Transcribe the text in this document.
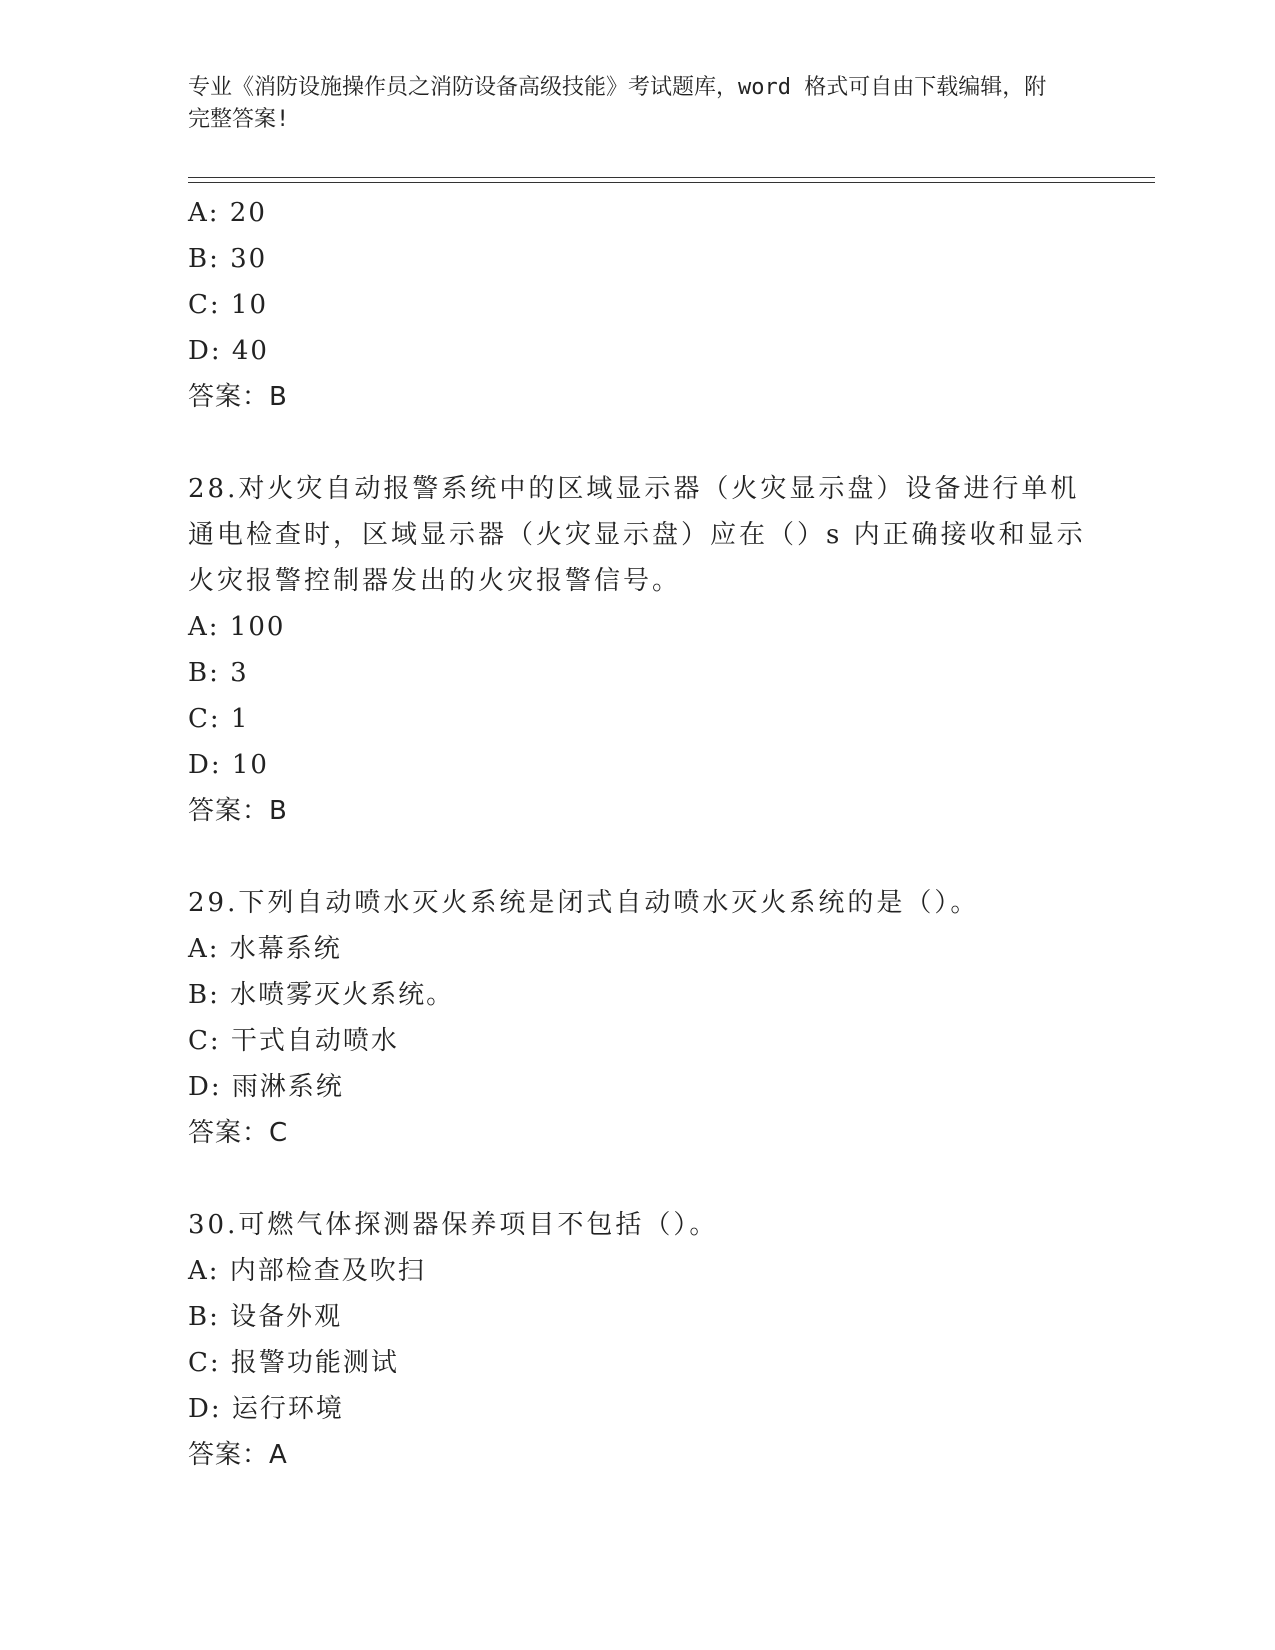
专业《消防设施操作员之消防设备高级技能》考试题库，word 格式可自由下载编辑，附完整答案!
A: 20
B: 30
C: 10
D: 40
答案：B
28.对火灾自动报警系统中的区域显示器（火灾显示盘）设备进行单机
通电检查时，区域显示器（火灾显示盘）应在（）s 内正确接收和显示
火灾报警控制器发出的火灾报警信号。
A: 100
B: 3
C: 1
D: 10
答案：B
29.下列自动喷水灭火系统是闭式自动喷水灭火系统的是（）。
A: 水幕系统
B: 水喷雾灭火系统。
C: 干式自动喷水
D: 雨淋系统
答案：C
30.可燃气体探测器保养项目不包括（）。
A: 内部检查及吹扫
B: 设备外观
C: 报警功能测试
D: 运行环境
答案：A
